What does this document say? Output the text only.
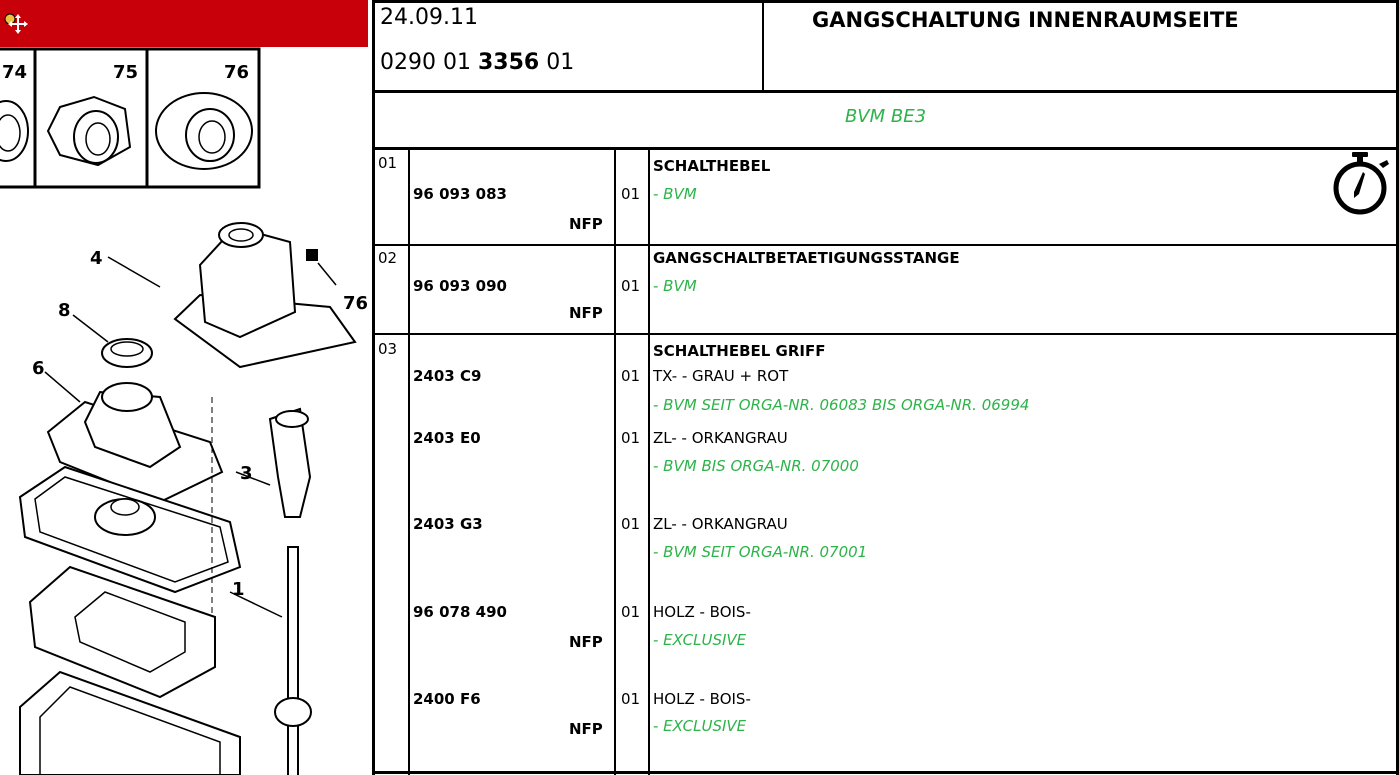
74	75	76
4
76
8
6
3
1
24.09.11
0290 01 3356 01
GANGSCHALTUNG INNENRAUMSEITE
BVM BE3
01	SCHALTHEBEL
96 093 083	01 - BVM
NFP
02	GANGSCHALTBETAETIGUNGSSTANGE
96 093 090	01 - BVM
NFP
03	SCHALTHEBEL GRIFF
2403 C9	01 TX- - GRAU + ROT
- BVM SEIT ORGA-NR. 06083 BIS ORGA-NR. 06994
2403 E0	01 ZL- - ORKANGRAU
- BVM BIS ORGA-NR. 07000
2403 G3	01 ZL- - ORKANGRAU
- BVM SEIT ORGA-NR. 07001
96 078 490	01 HOLZ - BOIS-
- EXCLUSIVE
NFP
2400 F6	01 HOLZ - BOIS-
- EXCLUSIVE
NFP
